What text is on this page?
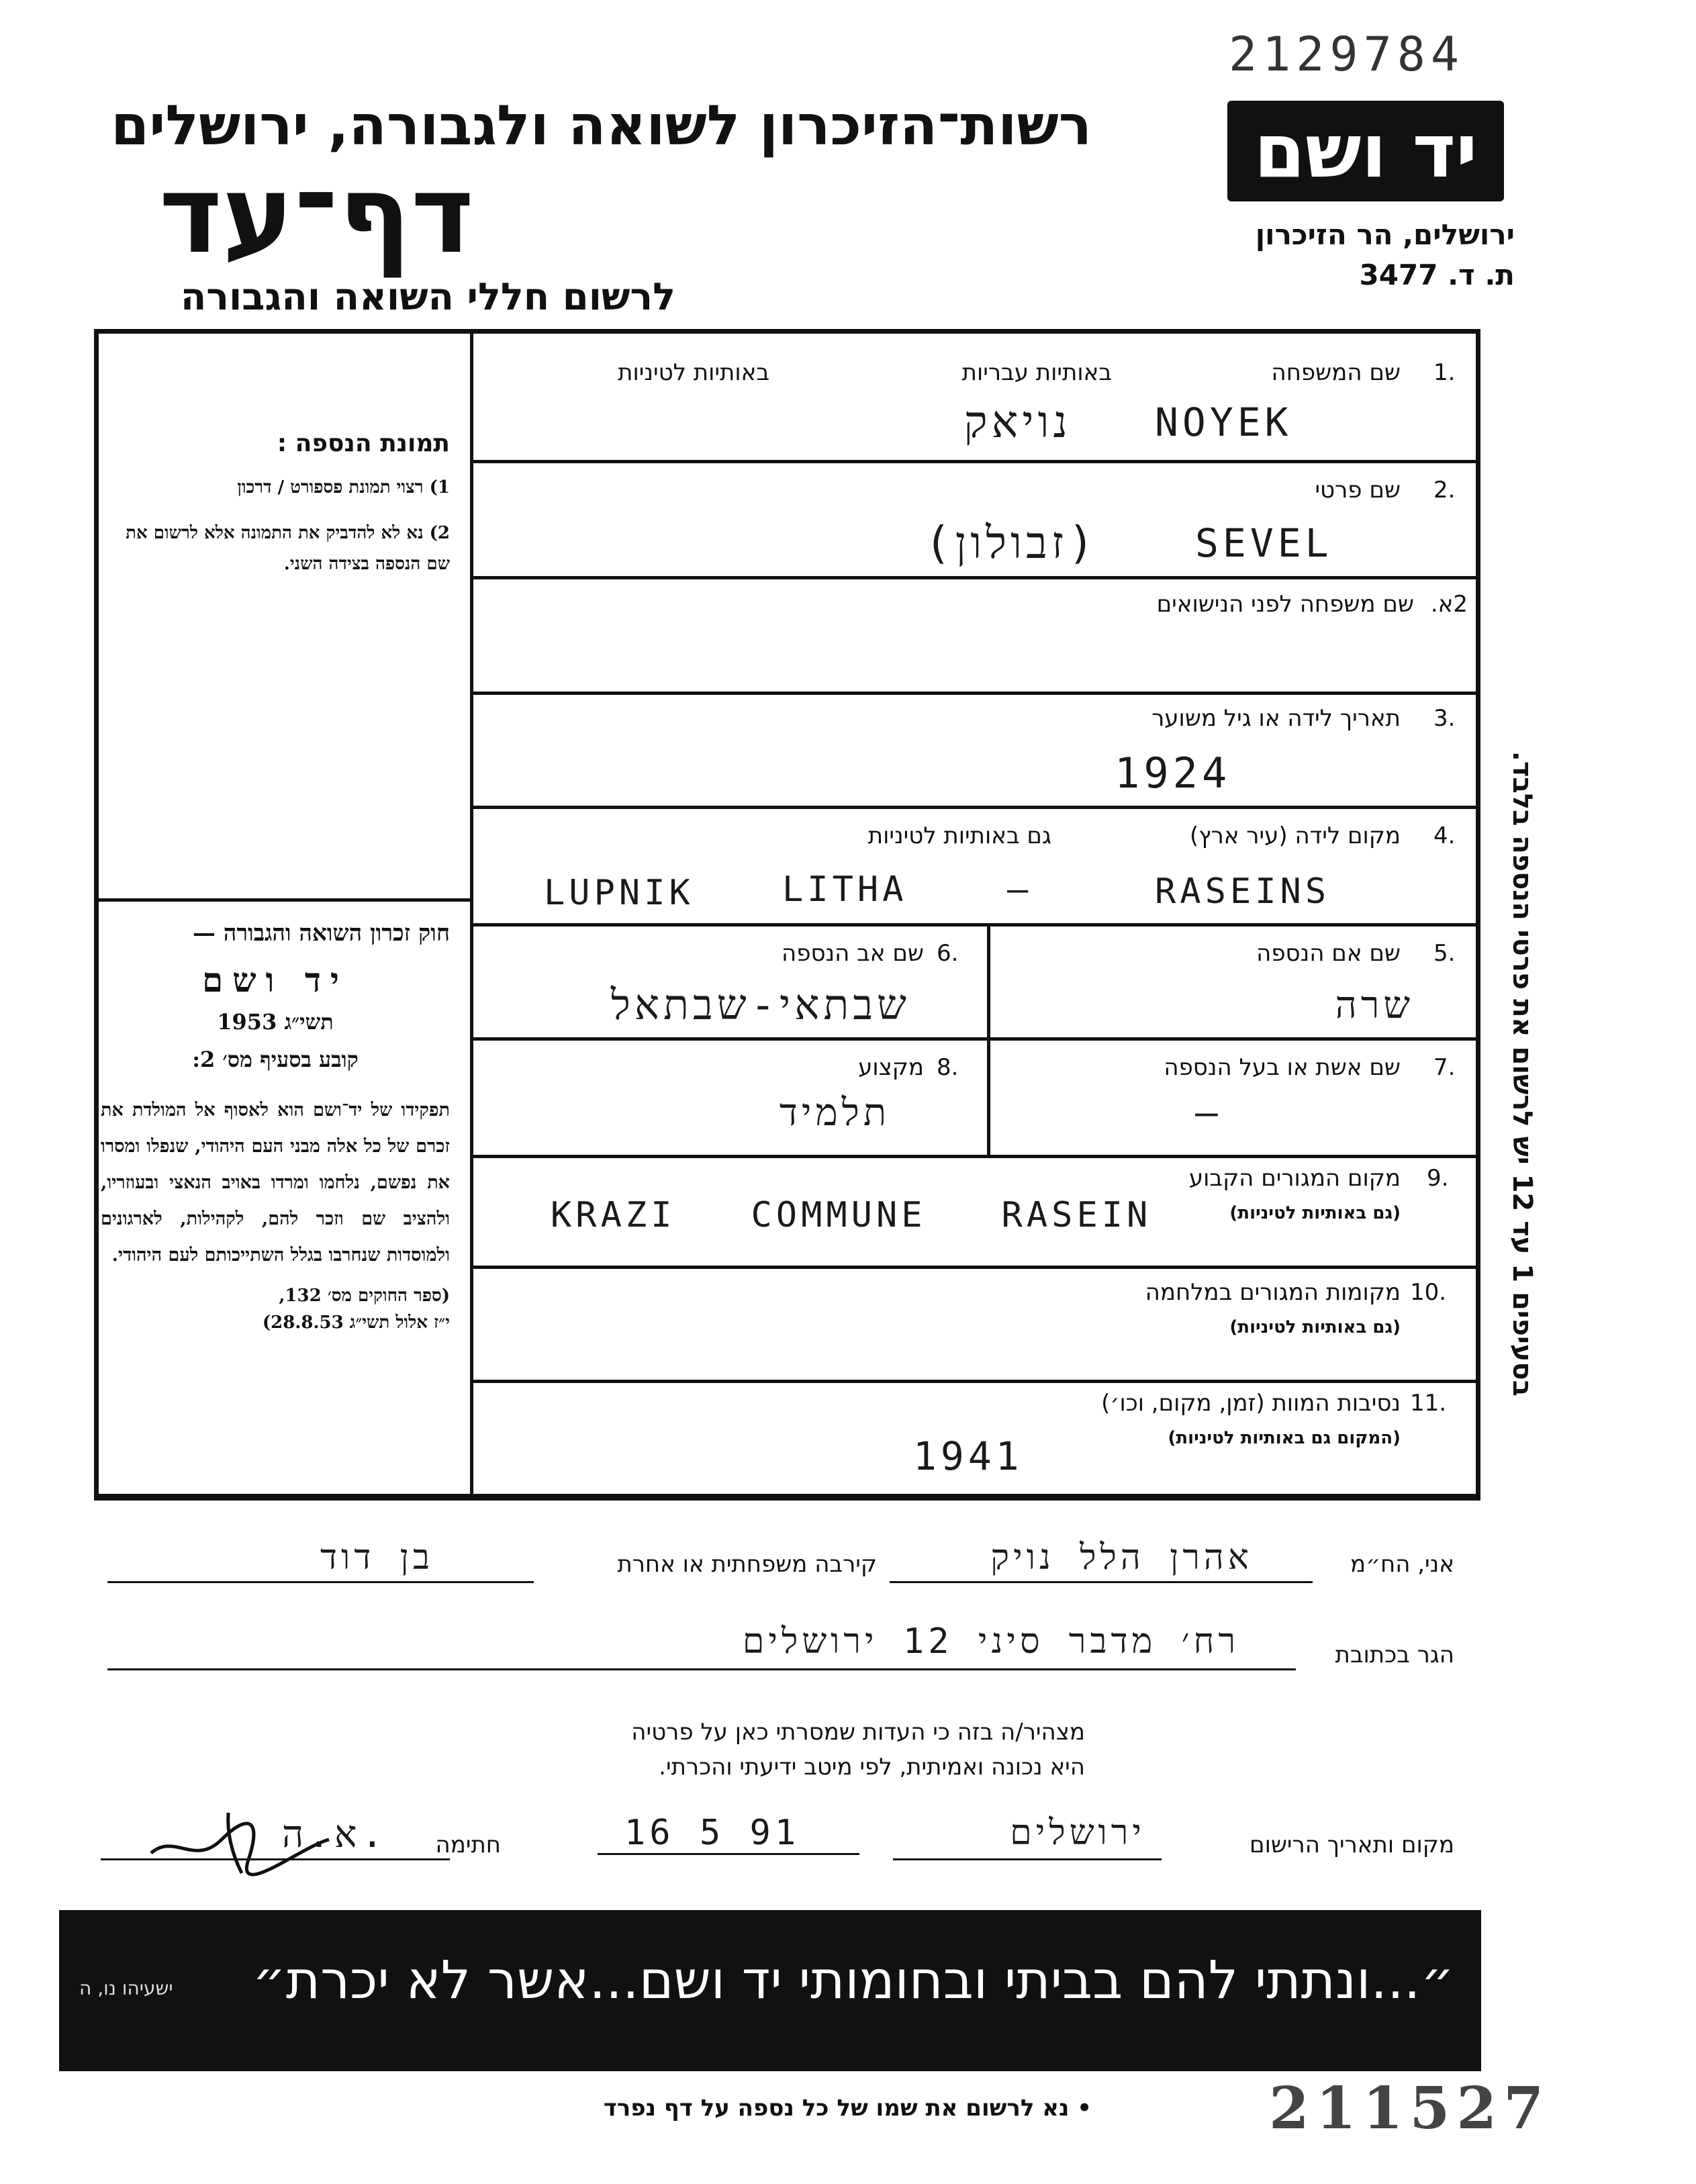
2129784
רשות־הזיכרון לשואה ולגבורה, ירושלים
דף־עד
לרשום חללי השואה והגבורה
יד ושם
ירושלים, הר הזיכרון
ת. ד. 3477
תמונת הנספה :
1) רצוי תמונת פספורט / דרכון
2) נא לא להדביק את התמונה אלא לרשום את שם הנספה בצידה השני.
חוק זכרון השואה והגבורה —
יד ושם
תשי״ג 1953
קובע בסעיף מס׳ 2:
תפקידו של יד־ושם הוא לאסוף אל המולדת את זכרם של כל אלה מבני העם היהודי, שנפלו ומסרו את נפשם, נלחמו ומרדו באויב הנאצי ובעוזריו, ולהציב שם וזכר להם, לקהילות, לארגונים ולמוסדות שנחרבו בגלל השתייכותם לעם היהודי.
(ספר החוקים מס׳ 132,
י״ז אלול תשי״ג 28.8.53)
בסעיפים 1 עד 12 יש לרשום את פרטי הנספה בלבד.
1.
שם המשפחה
באותיות עבריות
באותיות לטיניות
נויאק NOYEK
2.
שם פרטי
(זבולון) SEVEL
2א.
שם משפחה לפני הנישואים
3.
תאריך לידה או גיל משוער
1924
4.
מקום לידה (עיר ארץ)
גם באותיות לטיניות
LUPNIK	LITHA	—	RASEINS
5.
שם אם הנספה
שרה
6.
שם אב הנספה
שבתאי-שבתאל
7.
שם אשת או בעל הנספה
—
8.
מקצוע
תלמיד
9.
מקום המגורים הקבוע
(גם באותיות לטיניות)
KRAZI   COMMUNE   RASEIN
10.
מקומות המגורים במלחמה
(גם באותיות לטיניות)
11.
נסיבות המוות (זמן, מקום, וכו׳)
(המקום גם באותיות לטיניות)
1941
אני, הח״מ
אהרן הלל נויק
קירבה משפחתית או אחרת
בן דוד
הגר בכתובת
רח׳ מדבר סיני 12 ירושלים
מצהיר/ה בזה כי העדות שמסרתי כאן על פרטיה
היא נכונה ואמיתית, לפי מיטב ידיעתי והכרתי.
מקום ותאריך הרישום
ירושלים
16 5 91
חתימה
א.ה.
״...ונתתי להם בביתי ובחומותי יד ושם...אשר לא יכרת״
ישעיהו נו, ה
• נא לרשום את שמו של כל נספה על דף נפרד	211527
